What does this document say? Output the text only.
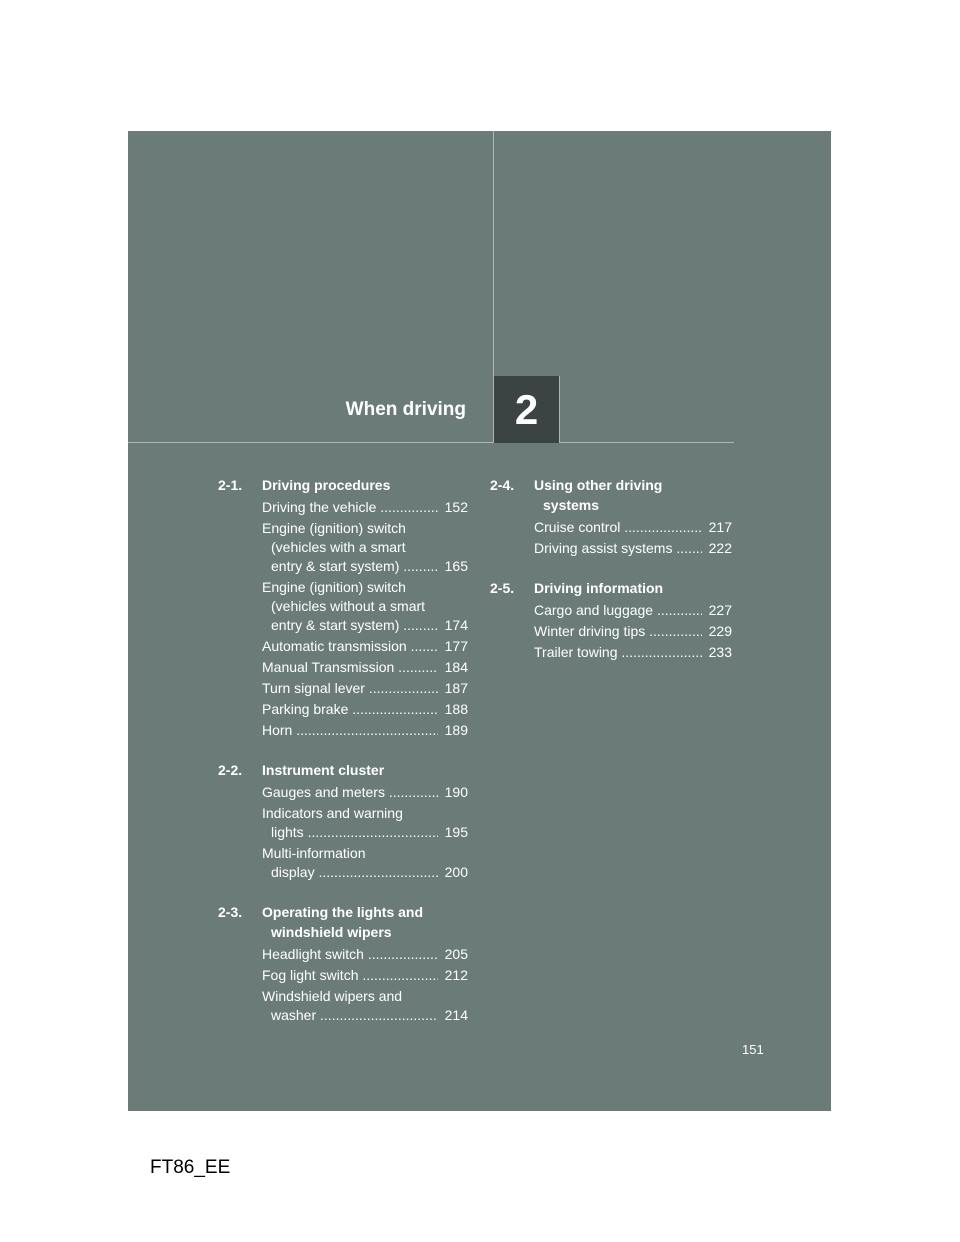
When driving	2
2-1.	Driving procedures
Driving the vehicle .....	152
Engine (ignition) switch
(vehicles with a smart
entry & start system) .....	165
Engine (ignition) switch
(vehicles without a smart
entry & start system) .....	174
Automatic transmission .....	177
Manual Transmission .....	184
Turn signal lever .....	187
Parking brake .....	188
Horn .....	189
2-2.	Instrument cluster
Gauges and meters .....	190
Indicators and warning
lights .....	195
Multi-information
display .....	200
2-3.	Operating the lights and
windshield wipers
Headlight switch .....	205
Fog light switch .....	212
Windshield wipers and
washer .....	214
2-4.	Using other driving
systems
Cruise control .....	217
Driving assist systems .....	222
2-5.	Driving information
Cargo and luggage .....	227
Winter driving tips .....	229
Trailer towing .....	233
151
FT86_EE
